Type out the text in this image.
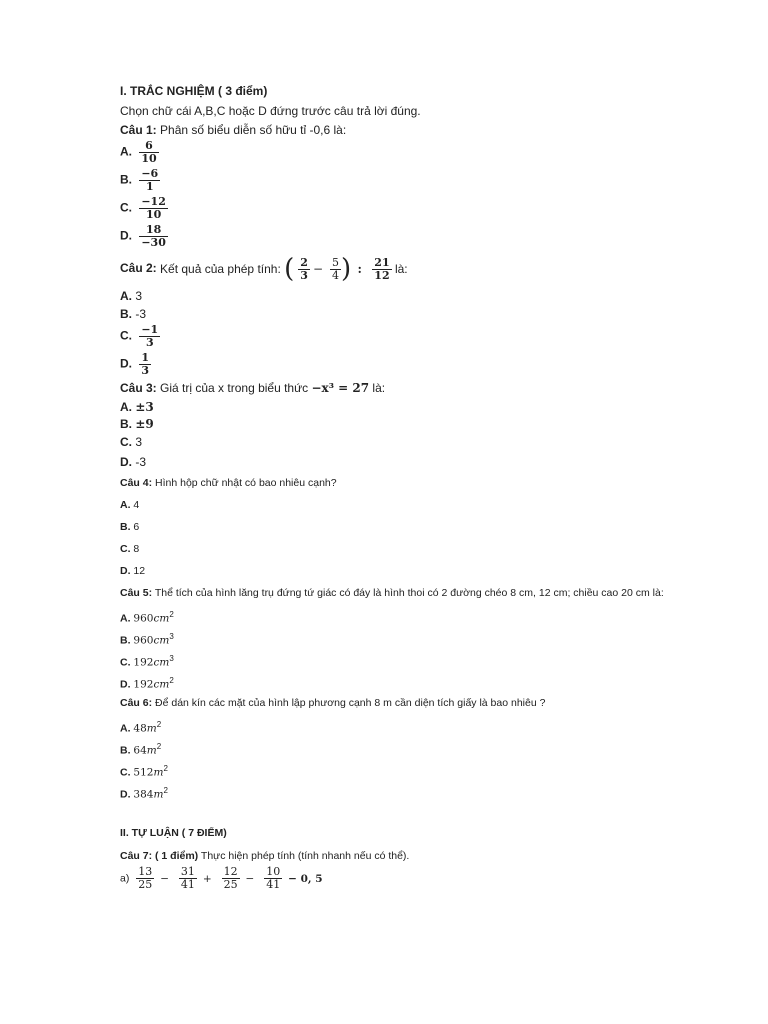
I. TRẮC NGHIỆM ( 3 điểm)
Chọn chữ cái A,B,C hoặc D đứng trước câu trả lời đúng.
Câu 1: Phân số biểu diễn số hữu tỉ -0,6 là:
A. $\frac{6}{10}$
B. $\frac{-6}{1}$
C. $\frac{-12}{10}$
D. $\frac{18}{-30}$
Câu 2: Kết quả của phép tính: ( $\frac{2}{3} - \frac{5}{4}$ ) : $\frac{21}{12}$ là:
A. 3
B. -3
C. $\frac{-1}{3}$
D. $\frac{1}{3}$
Câu 3: Giá trị của x trong biểu thức −x³ = 27 là:
A. ±3
B. ±9
C. 3
D. -3
Câu 4: Hình hộp chữ nhật có bao nhiêu cạnh?
A. 4
B. 6
C. 8
D. 12
Câu 5: Thể tích của hình lăng trụ đứng tứ giác có đáy là hình thoi có 2 đường chéo 8 cm, 12 cm; chiều cao 20 cm là:
A. $960cm^2$
B. $960cm^3$
C. $192cm^3$
D. $192cm^2$
Câu 6: Để dán kín các mặt của hình lập phương cạnh 8 m cần diện tích giấy là bao nhiêu ?
A. $48m^2$
B. $64m^2$
C. $512m^2$
D. $384m^2$
II. TỰ LUẬN ( 7 ĐIỂM)
Câu 7: ( 1 điểm) Thực hiện phép tính (tính nhanh nếu có thể).
$a) \frac{13}{25} - \frac{31}{41} + \frac{12}{25} - \frac{10}{41} - 0$, 5
